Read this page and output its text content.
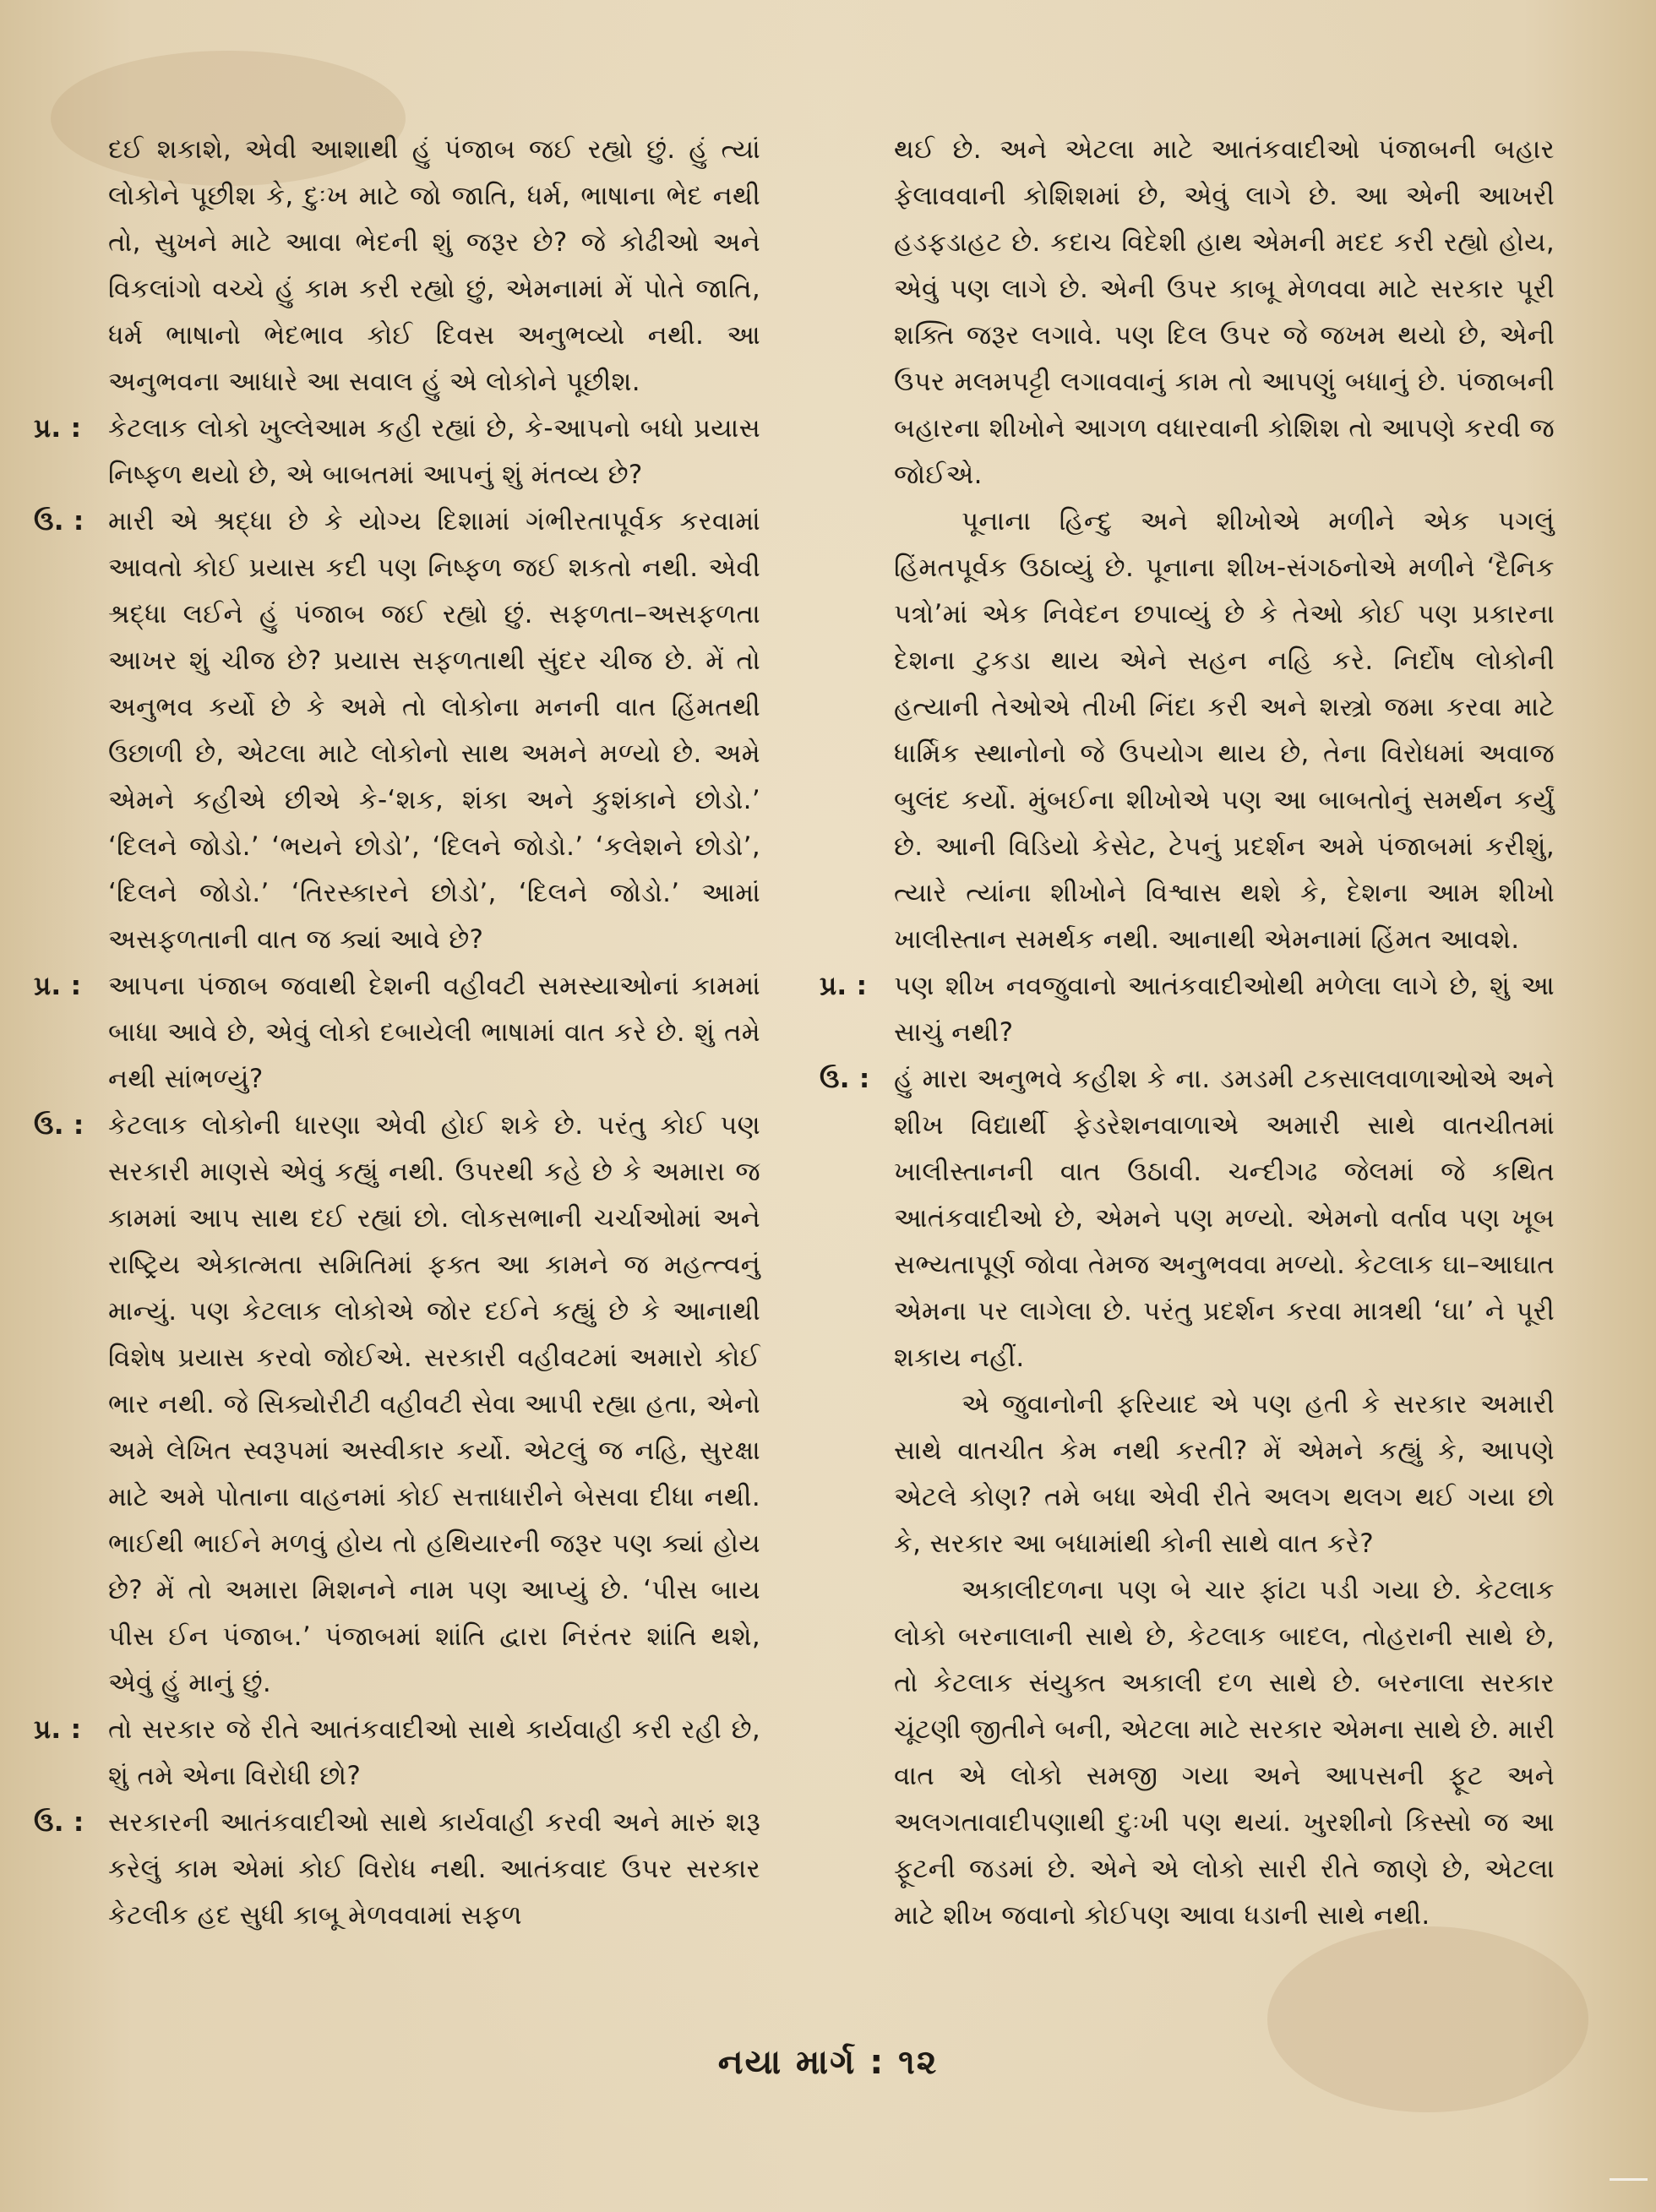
દઈ શકાશે, એવી આશાથી હું પંજાબ જઈ રહ્યો છું. હું ત્યાં લોકોને પૂછીશ કે, દુઃખ માટે જો જાતિ, ધર્મ, ભાષાના ભેદ નથી તો, સુખને માટે આવા ભેદની શું જરૂર છે? જે કોઢીઓ અને વિકલાંગો વચ્ચે હું કામ કરી રહ્યો છું, એમનામાં મેં પોતે જાતિ, ધર્મ ભાષાનો ભેદભાવ કોઈ દિવસ અનુભવ્યો નથી. આ અનુભવના આધારે આ સવાલ હું એ લોકોને પૂછીશ.

પ્ર. :	કેટલાક લોકો ખુલ્લેઆમ કહી રહ્યાં છે, કે-આપનો બધો પ્રયાસ નિષ્ફળ થયો છે, એ બાબતમાં આપનું શું મંતવ્ય છે?
ઉ. : મારી એ શ્રદ્ધા છે કે યોગ્ય દિશામાં ગંભીરતાપૂર્વક કરવામાં આવતો કોઈ પ્રયાસ કદી પણ નિષ્ફળ જઈ શકતો નથી. એવી શ્રદ્ધા લઈને હું પંજાબ જઈ રહ્યો છું. સફળતા–અસફળતા આખર શું ચીજ છે? પ્રયાસ સફળતાથી સુંદર ચીજ છે. મેં તો અનુભવ કર્યો છે કે અમે તો લોકોના મનની વાત હિંમતથી ઉછાળી છે, એટલા માટે લોકોનો સાથ અમને મળ્યો છે. અમે એમને કહીએ છીએ કે-‘શક, શંકા અને કુશંકાને છોડો.’ ‘દિલને જોડો.’ ‘ભયને છોડો’, ‘દિલને જોડો.’ ‘કલેશને છોડો’, ‘દિલને જોડો.’ ‘તિરસ્કારને છોડો’, ‘દિલને જોડો.’ આમાં અસફળતાની વાત જ ક્યાં આવે છે?
પ્ર. :	આપના પંજાબ જવાથી દેશની વહીવટી સમસ્યાઓનાં કામમાં બાધા આવે છે, એવું લોકો દબાયેલી ભાષામાં વાત કરે છે. શું તમે નથી સાંભળ્યું?
ઉ. : કેટલાક લોકોની ધારણા એવી હોઈ શકે છે. પરંતુ કોઈ પણ સરકારી માણસે એવું કહ્યું નથી. ઉપરથી કહે છે કે અમારા જ કામમાં આપ સાથ દઈ રહ્યાં છો. લોકસભાની ચર્ચાઓમાં અને રાષ્ટ્રિય એકાત્મતા સમિતિમાં ફક્ત આ કામને જ મહત્ત્વનું માન્યું. પણ કેટલાક લોકોએ જોર દઈને કહ્યું છે કે આનાથી વિશેષ પ્રયાસ કરવો જોઈએ. સરકારી વહીવટમાં અમારો કોઈ ભાર નથી. જે સિક્યોરીટી વહીવટી સેવા આપી રહ્યા હતા, એનો અમે લેખિત સ્વરૂપમાં અસ્વીકાર કર્યો. એટલું જ નહિ, સુરક્ષા માટે અમે પોતાના વાહનમાં કોઈ સત્તાધારીને બેસવા દીધા નથી. ભાઈથી ભાઈને મળવું હોય તો હથિયારની જરૂર પણ ક્યાં હોય છે? મેં તો અમારા મિશનને નામ પણ આપ્યું છે. ‘પીસ બાય પીસ ઈન પંજાબ.’ પંજાબમાં શાંતિ દ્વારા નિરંતર શાંતિ થશે, એવું હું માનું છું.
પ્ર. :	તો સરકાર જે રીતે આતંકવાદીઓ સાથે કાર્યવાહી કરી રહી છે, શું તમે એના વિરોધી છો?
ઉ. : સરકારની આતંકવાદીઓ સાથે કાર્યવાહી કરવી અને મારું શરૂ કરેલું કામ એમાં કોઈ વિરોધ નથી. આતંકવાદ ઉપર સરકાર કેટલીક હદ સુધી કાબૂ મેળવવામાં સફળ

થઈ છે. અને એટલા માટે આતંકવાદીઓ પંજાબની બહાર ફેલાવવાની કોશિશમાં છે, એવું લાગે છે. આ એની આખરી હડફડાહટ છે. કદાચ વિદેશી હાથ એમની મદદ કરી રહ્યો હોય, એવું પણ લાગે છે. એની ઉપર કાબૂ મેળવવા માટે સરકાર પૂરી શક્તિ જરૂર લગાવે. પણ દિલ ઉપર જે જખમ થયો છે, એની ઉપર મલમપટ્ટી લગાવવાનું કામ તો આપણું બધાનું છે. પંજાબની બહારના શીખોને આગળ વધારવાની કોશિશ તો આપણે કરવી જ જોઈએ.

પૂનાના હિન્દુ અને શીખોએ મળીને એક પગલું હિંમતપૂર્વક ઉઠાવ્યું છે. પૂનાના શીખ-સંગઠનોએ મળીને ‘દૈનિક પત્રો’માં એક નિવેદન છપાવ્યું છે કે તેઓ કોઈ પણ પ્રકારના દેશના ટુકડા થાય એને સહન નહિ કરે. નિર્દોષ લોકોની હત્યાની તેઓએ તીખી નિંદા કરી અને શસ્ત્રો જમા કરવા માટે ધાર્મિક સ્થાનોનો જે ઉપયોગ થાય છે, તેના વિરોધમાં અવાજ બુલંદ કર્યો. મુંબઈના શીખોએ પણ આ બાબતોનું સમર્થન કર્યું છે. આની વિડિયો કેસેટ, ટેપનું પ્રદર્શન અમે પંજાબમાં કરીશું, ત્યારે ત્યાંના શીખોને વિશ્વાસ થશે કે, દેશના આમ શીખો ખાલીસ્તાન સમર્થક નથી. આનાથી એમનામાં હિંમત આવશે.

પ્ર. :	પણ શીખ નવજુવાનો આતંકવાદીઓથી મળેલા લાગે છે, શું આ સાચું નથી?
ઉ. : હું મારા અનુભવે કહીશ કે ના. ડમડમી ટકસાલવાળાઓએ અને શીખ વિદ્યાર્થી ફેડરેશનવાળાએ અમારી સાથે વાતચીતમાં ખાલીસ્તાનની વાત ઉઠાવી. ચન્દીગઢ જેલમાં જે કથિત આતંકવાદીઓ છે, એમને પણ મળ્યો. એમનો વર્તાવ પણ ખૂબ સભ્યતાપૂર્ણ જોવા તેમજ અનુભવવા મળ્યો. કેટલાક ઘા–આઘાત એમના પર લાગેલા છે. પરંતુ પ્રદર્શન કરવા માત્રથી ‘ઘા’ ને પૂરી શકાય નહીં.

એ જુવાનોની ફરિયાદ એ પણ હતી કે સરકાર અમારી સાથે વાતચીત કેમ નથી કરતી? મેં એમને કહ્યું કે, આપણે એટલે કોણ? તમે બધા એવી રીતે અલગ થલગ થઈ ગયા છો કે, સરકાર આ બધામાંથી કોની સાથે વાત કરે?

અકાલીદળના પણ બે ચાર ફાંટા પડી ગયા છે. કેટલાક લોકો બરનાલાની સાથે છે, કેટલાક બાદલ, તોહરાની સાથે છે, તો કેટલાક સંયુક્ત અકાલી દળ સાથે છે. બરનાલા સરકાર ચૂંટણી જીતીને બની, એટલા માટે સરકાર એમના સાથે છે. મારી વાત એ લોકો સમજી ગયા અને આપસની ફૂટ અને અલગતાવાદીપણાથી દુઃખી પણ થયાં. ખુરશીનો કિસ્સો જ આ ફૂટની જડમાં છે. એને એ લોકો સારી રીતે જાણે છે, એટલા માટે શીખ જવાનો કોઈપણ આવા ધડાની સાથે નથી.

નયા માર્ગ : ૧૨
